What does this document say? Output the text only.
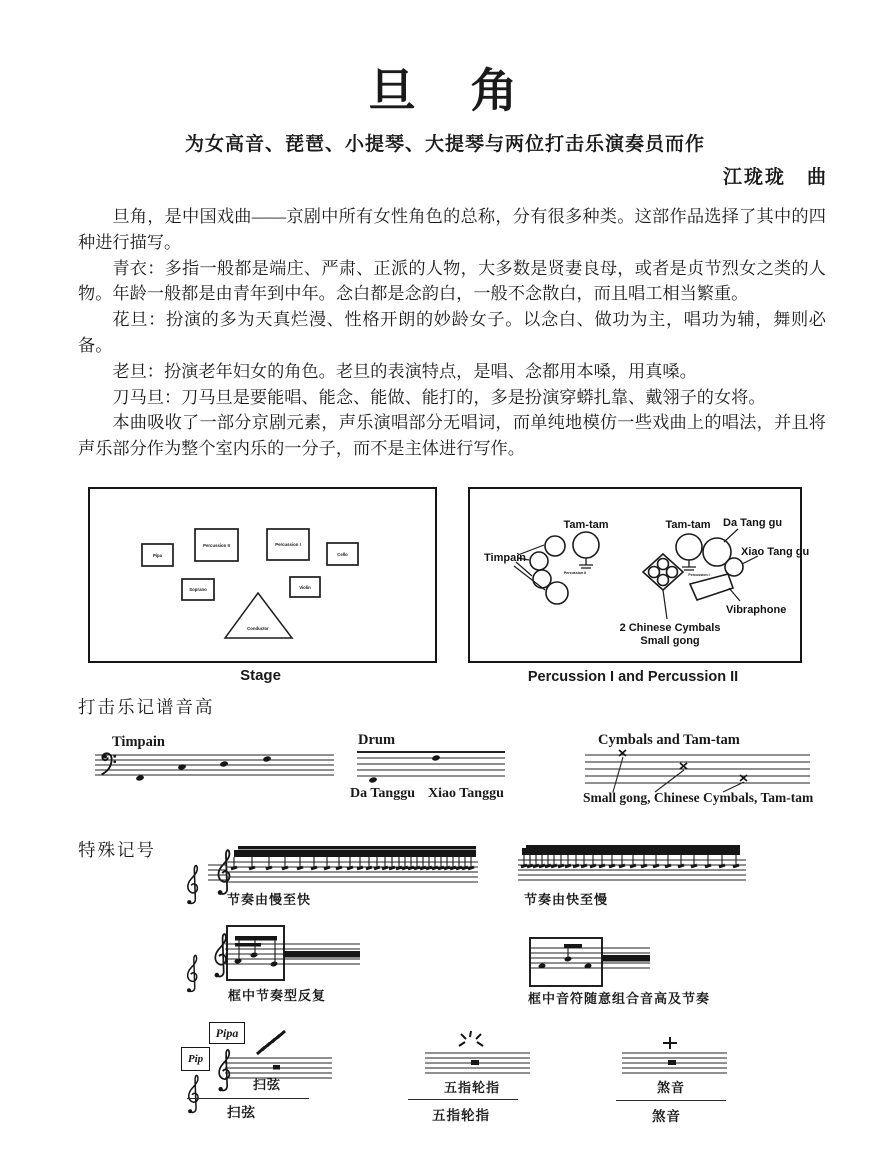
旦　角
为女高音、琵琶、小提琴、大提琴与两位打击乐演奏员而作
江珑珑　曲

旦角，是中国戏曲——京剧中所有女性角色的总称，分有很多种类。这部作品选择了其中的四种进行描写。

青衣：多指一般都是端庄、严肃、正派的人物，大多数是贤妻良母，或者是贞节烈女之类的人物。年龄一般都是由青年到中年。念白都是念韵白，一般不念散白，而且唱工相当繁重。

花旦：扮演的多为天真烂漫、性格开朗的妙龄女子。以念白、做功为主，唱功为辅，舞则必备。

老旦：扮演老年妇女的角色。老旦的表演特点，是唱、念都用本嗓，用真嗓。

刀马旦：刀马旦是要能唱、能念、能做、能打的，多是扮演穿蟒扎靠、戴翎子的女将。

本曲吸收了一部分京剧元素，声乐演唱部分无唱词，而单纯地模仿一些戏曲上的唱法，并且将声乐部分作为整个室内乐的一分子，而不是主体进行写作。

Pipa
Percussion II	Percussion I
Cello
Soprano	Violin
Conductor
Stage
Timpain
Tam-tam
Percussion II
Tam-tam Da Tang gu
Xiao Tang gu
Percussion I
2 Chinese Cymbals
Small gong
Vibraphone
Percussion I and Percussion II
打击乐记谱音高
Timpain	Drum
Da Tanggu Xiao Tanggu
Cymbals and Tam-tam
Small gong, Chinese Cymbals, Tam-tam
特殊记号
节奏由慢至快	节奏由快至慢
框中节奏型反复	框中音符随意组合音高及节奏
Pipa
Pip
扫弦
扫弦
五指轮指
五指轮指
煞音
煞音
